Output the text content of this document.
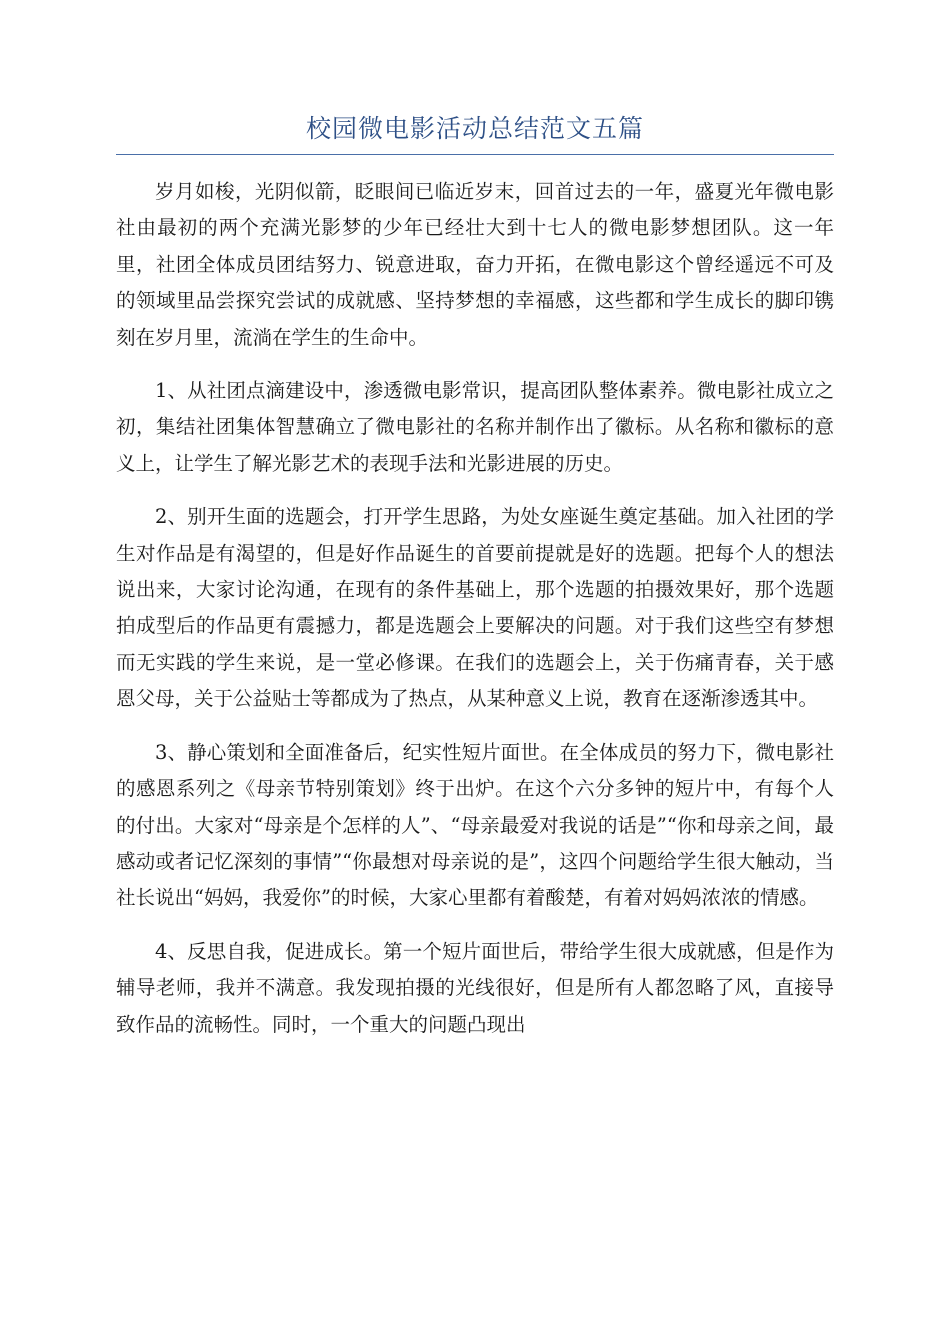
校园微电影活动总结范文五篇

岁月如梭，光阴似箭，眨眼间已临近岁末，回首过去的一年，盛夏光年微电影社由最初的两个充满光影梦的少年已经壮大到十七人的微电影梦想团队。这一年里，社团全体成员团结努力、锐意进取，奋力开拓，在微电影这个曾经遥远不可及的领域里品尝探究尝试的成就感、坚持梦想的幸福感，这些都和学生成长的脚印镌刻在岁月里，流淌在学生的生命中。

1、从社团点滴建设中，渗透微电影常识，提高团队整体素养。微电影社成立之初，集结社团集体智慧确立了微电影社的名称并制作出了徽标。从名称和徽标的意义上，让学生了解光影艺术的表现手法和光影进展的历史。

2、别开生面的选题会，打开学生思路，为处女座诞生奠定基础。加入社团的学生对作品是有渴望的，但是好作品诞生的首要前提就是好的选题。把每个人的想法说出来，大家讨论沟通，在现有的条件基础上，那个选题的拍摄效果好，那个选题拍成型后的作品更有震撼力，都是选题会上要解决的问题。对于我们这些空有梦想而无实践的学生来说，是一堂必修课。在我们的选题会上，关于伤痛青春，关于感恩父母，关于公益贴士等都成为了热点，从某种意义上说，教育在逐渐渗透其中。

3、静心策划和全面准备后，纪实性短片面世。在全体成员的努力下，微电影社的感恩系列之《母亲节特别策划》终于出炉。在这个六分多钟的短片中，有每个人的付出。大家对“母亲是个怎样的人”、“母亲最爱对我说的话是”“你和母亲之间，最感动或者记忆深刻的事情”“你最想对母亲说的是”，这四个问题给学生很大触动，当社长说出“妈妈，我爱你”的时候，大家心里都有着酸楚，有着对妈妈浓浓的情感。

4、反思自我，促进成长。第一个短片面世后，带给学生很大成就感，但是作为辅导老师，我并不满意。我发现拍摄的光线很好，但是所有人都忽略了风，直接导致作品的流畅性。同时，一个重大的问题凸现出
